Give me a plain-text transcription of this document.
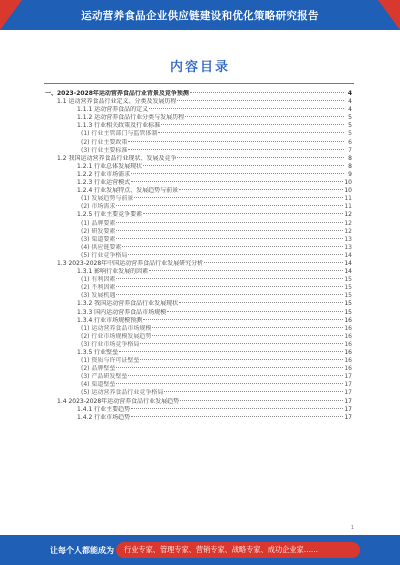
运动营养食品企业供应链建设和优化策略研究报告
内容目录
一、2023-2028年运动营养食品行业背景及竞争预测	4
1.1 运动营养食品行业定义、分类及发展历程	4
1.1.1 运动营养食品的定义	4
1.1.2 运动营养食品行业分类与发展历程	5
1.1.3 行业相关政策及行业标准	5
(1) 行业主管部门与监管体制	5
(2) 行业主要政策	6
(3) 行业主要标准	7
1.2 我国运动营养食品行业现状、发展及竞争	8
1.2.1 行业总体发展现状	8
1.2.2 行业市场需求	9
1.2.3 行业运营模式	10
1.2.4 行业发展特点、发展趋势与前景	10
(1) 发展趋势与前景	11
(2) 市场需求	11
1.2.5 行业主要竞争要素	12
(1) 品牌要素	12
(2) 研发要素	12
(3) 渠道要素	13
(4) 供应链要素	13
(5) 行业竞争格局	14
1.3 2023-2028年中国运动营养食品行业发展研究分析	14
1.3.1 影响行业发展的因素	14
(1) 有利因素	15
(2) 不利因素	15
(3) 发展机遇	15
1.3.2 我国运动营养食品行业发展现状	15
1.3.3 国内运动营养食品市场规模	15
1.3.4 行业市场规模预测	16
(1) 运动营养食品市场规模	16
(2) 行业市场规模发展趋势	16
(3) 行业市场竞争格局	16
1.3.5 行业壁垒	16
(1) 资质与许可证壁垒	16
(2) 品牌壁垒	16
(3) 产品研发壁垒	17
(4) 渠道壁垒	17
(5) 运动营养食品行业竞争格局	17
1.4 2023-2028年运动营养食品行业发展趋势	17
1.4.1 行业主要趋势	17
1.4.2 行业市场趋势	17
1
让每个人都能成为 行业专家、管理专家、营销专家、战略专家、成功企业家……
